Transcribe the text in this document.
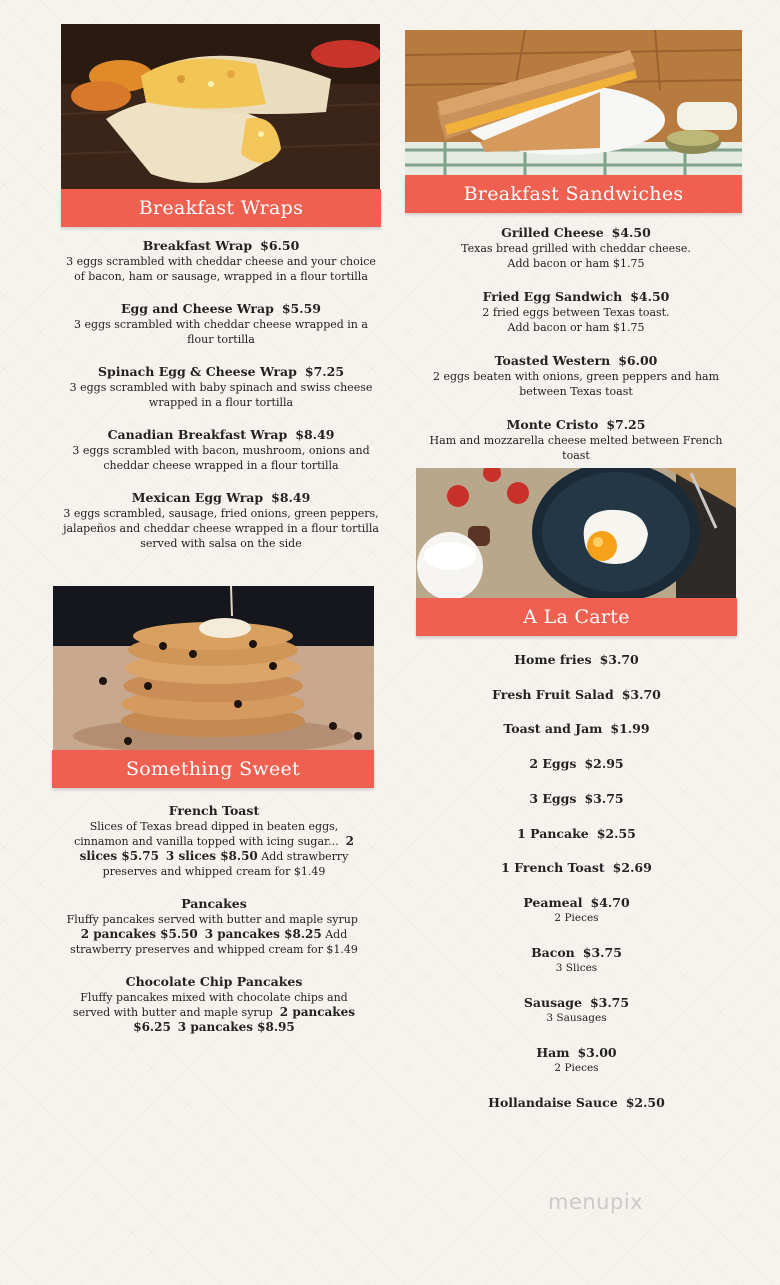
Breakfast Wraps
Breakfast Wrap $6.50
3 eggs scrambled with cheddar cheese and your choice of bacon, ham or sausage, wrapped in a flour tortilla
Egg and Cheese Wrap $5.59
3 eggs scrambled with cheddar cheese wrapped in a flour tortilla
Spinach Egg & Cheese Wrap $7.25
3 eggs scrambled with baby spinach and swiss cheese wrapped in a flour tortilla
Canadian Breakfast Wrap $8.49
3 eggs scrambled with bacon, mushroom, onions and cheddar cheese wrapped in a flour tortilla
Mexican Egg Wrap $8.49
3 eggs scrambled, sausage, fried onions, green peppers, jalapeños and cheddar cheese wrapped in a flour tortilla served with salsa on the side
Something Sweet
French Toast
Slices of Texas bread dipped in beaten eggs, cinnamon and vanilla topped with icing sugar... 2 slices $5.75 3 slices $8.50 Add strawberry preserves and whipped cream for $1.49
Pancakes
Fluffy pancakes served with butter and maple syrup  2 pancakes $5.50 3 pancakes $8.25 Add strawberry preserves and whipped cream for $1.49
Chocolate Chip Pancakes
Fluffy pancakes mixed with chocolate chips and served with butter and maple syrup 2 pancakes $6.25 3 pancakes $8.95
Breakfast Sandwiches
Grilled Cheese $4.50
Texas bread grilled with cheddar cheese.
Add bacon or ham $1.75
Fried Egg Sandwich $4.50
2 fried eggs between Texas toast.
Add bacon or ham $1.75
Toasted Western $6.00
2 eggs beaten with onions, green peppers and ham between Texas toast
Monte Cristo $7.25
Ham and mozzarella cheese melted between French toast
A La Carte
Home fries $3.70
Fresh Fruit Salad $3.70
Toast and Jam $1.99
2 Eggs $2.95
3 Eggs $3.75
1 Pancake $2.55
1 French Toast $2.69
Peameal $4.70
2 Pieces
Bacon $3.75
3 Slices
Sausage $3.75
3 Sausages
Ham $3.00
2 Pieces
Hollandaise Sauce $2.50
menupix
